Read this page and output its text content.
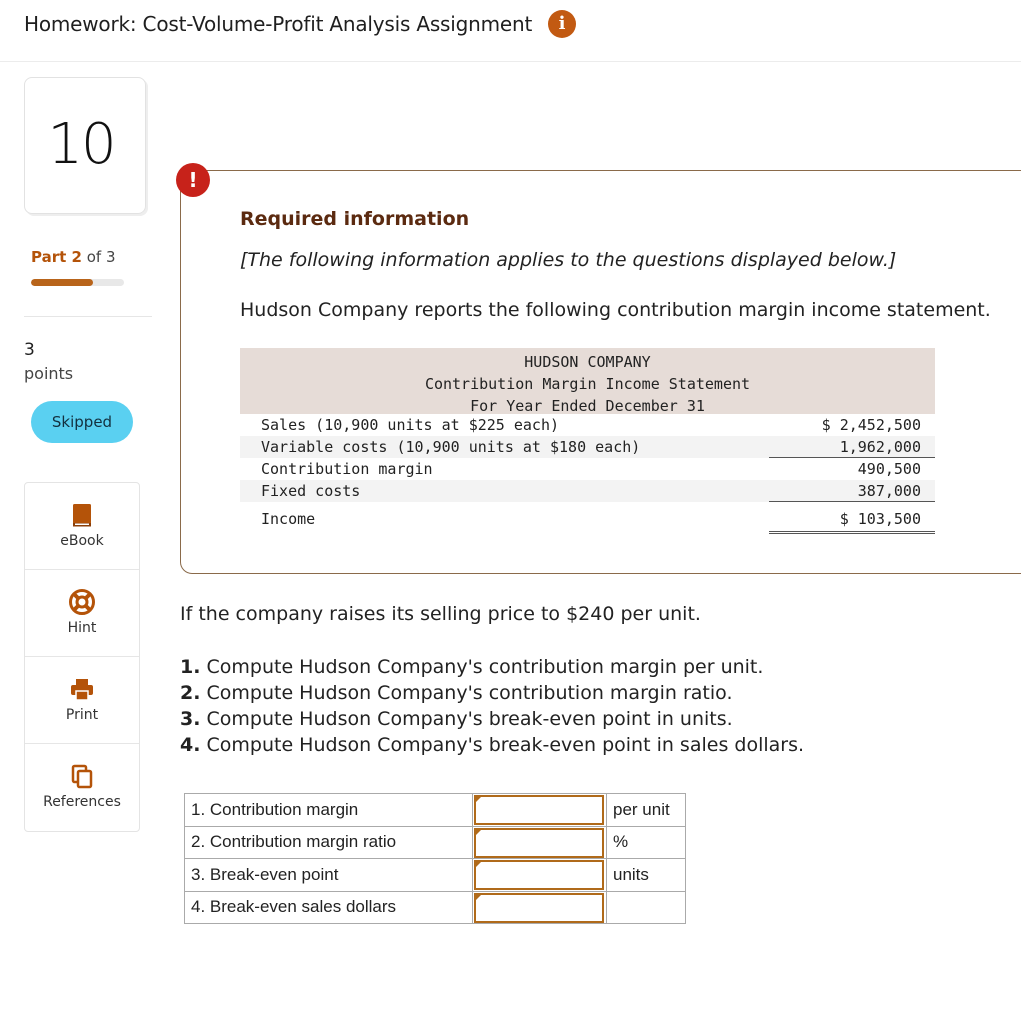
Homework: Cost-Volume-Profit Analysis Assignment	i
10
Part 2 of 3
3
points
Skipped
eBook
Hint
Print
References
!
Required information
[The following information applies to the questions displayed below.]
Hudson Company reports the following contribution margin income statement.
HUDSON COMPANY
Contribution Margin Income Statement
For Year Ended December 31
Sales (10,900 units at $225 each)	$ 2,452,500
Variable costs (10,900 units at $180 each)	1,962,000
Contribution margin	490,500
Fixed costs	387,000
Income	$ 103,500
If the company raises its selling price to $240 per unit.
1. Compute Hudson Company's contribution margin per unit.
2. Compute Hudson Company's contribution margin ratio.
3. Compute Hudson Company's break-even point in units.
4. Compute Hudson Company's break-even point in sales dollars.
1. Contribution margin		per unit
2. Contribution margin ratio		%
3. Break-even point		units
4. Break-even sales dollars	
